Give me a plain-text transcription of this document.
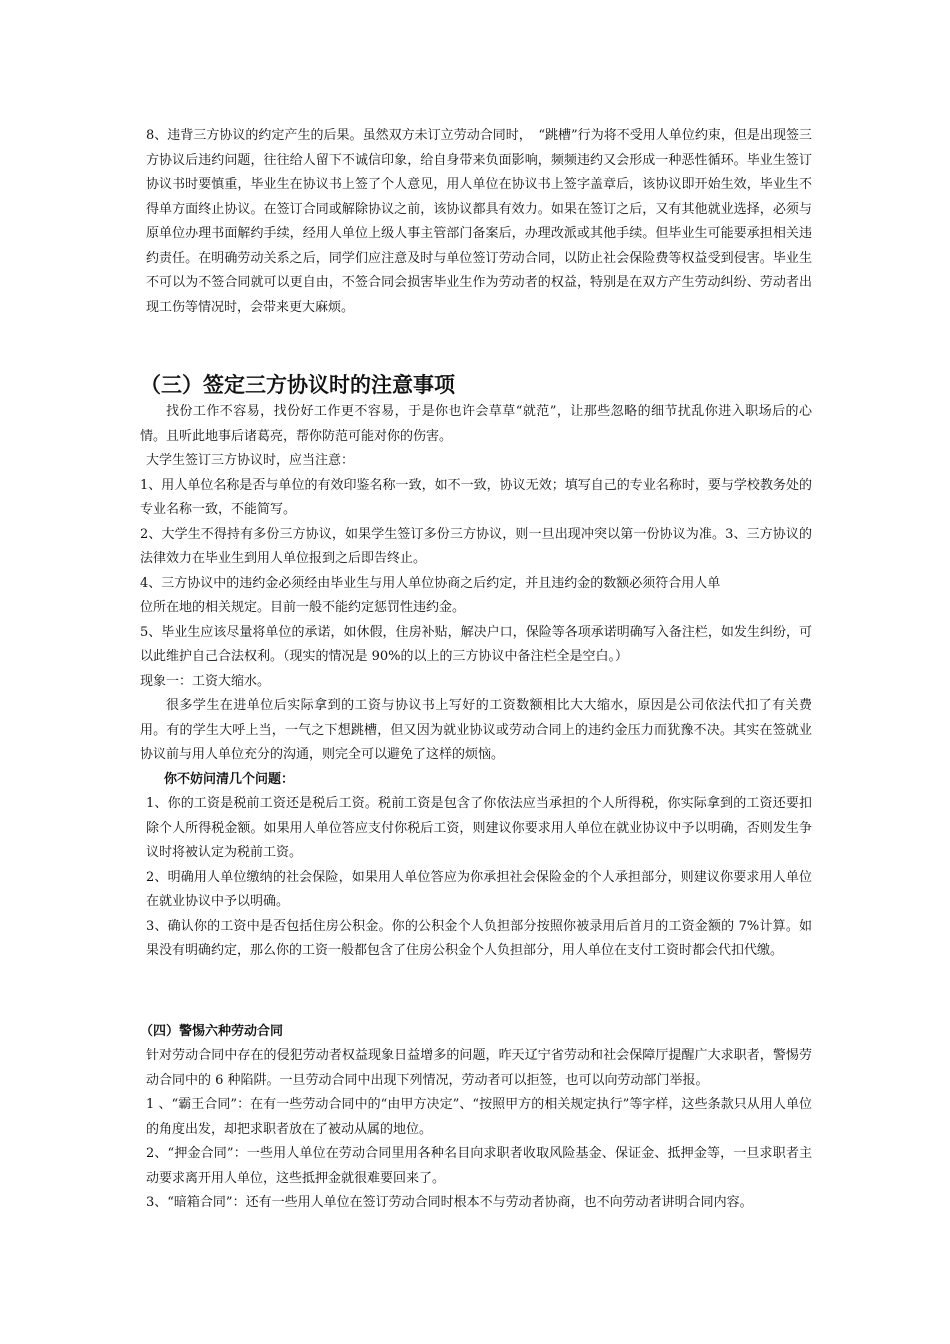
8、违背三方协议的约定产生的后果。虽然双方未订立劳动合同时，　“跳槽”行为将不受用人单位约束，但是出现签三方协议后违约问题，往往给人留下不诚信印象，给自身带来负面影响，频频违约又会形成一种恶性循环。毕业生签订协议书时要慎重，毕业生在协议书上签了个人意见，用人单位在协议书上签字盖章后，该协议即开始生效，毕业生不得单方面终止协议。在签订合同或解除协议之前，该协议都具有效力。如果在签订之后，又有其他就业选择，必须与原单位办理书面解约手续，经用人单位上级人事主管部门备案后，办理改派或其他手续。但毕业生可能要承担相关违约责任。在明确劳动关系之后，同学们应注意及时与单位签订劳动合同，以防止社会保险费等权益受到侵害。毕业生不可以为不签合同就可以更自由，不签合同会损害毕业生作为劳动者的权益，特别是在双方产生劳动纠纷、劳动者出现工伤等情况时，会带来更大麻烦。

（三）签定三方协议时的注意事项

找份工作不容易，找份好工作更不容易，于是你也许会草草“就范”，让那些忽略的细节扰乱你进入职场后的心情。且听此地事后诸葛亮，帮你防范可能对你的伤害。

大学生签订三方协议时，应当注意：

1、用人单位名称是否与单位的有效印鉴名称一致，如不一致，协议无效；填写自己的专业名称时，要与学校教务处的专业名称一致，不能简写。

2、大学生不得持有多份三方协议，如果学生签订多份三方协议，则一旦出现冲突以第一份协议为准。3、三方协议的法律效力在毕业生到用人单位报到之后即告终止。

4、三方协议中的违约金必须经由毕业生与用人单位协商之后约定，并且违约金的数额必须符合用人单

位所在地的相关规定。目前一般不能约定惩罚性违约金。

5、毕业生应该尽量将单位的承诺，如休假，住房补贴，解决户口，保险等各项承诺明确写入备注栏，如发生纠纷，可以此维护自己合法权利。（现实的情况是 90%的以上的三方协议中备注栏全是空白。）

现象一：工资大缩水。

很多学生在进单位后实际拿到的工资与协议书上写好的工资数额相比大大缩水，原因是公司依法代扣了有关费用。有的学生大呼上当，一气之下想跳槽，但又因为就业协议或劳动合同上的违约金压力而犹豫不决。其实在签就业协议前与用人单位充分的沟通，则完全可以避免了这样的烦恼。

你不妨问清几个问题：

1、你的工资是税前工资还是税后工资。税前工资是包含了你依法应当承担的个人所得税，你实际拿到的工资还要扣除个人所得税金额。如果用人单位答应支付你税后工资，则建议你要求用人单位在就业协议中予以明确，否则发生争议时将被认定为税前工资。

2、明确用人单位缴纳的社会保险，如果用人单位答应为你承担社会保险金的个人承担部分，则建议你要求用人单位在就业协议中予以明确。

3、确认你的工资中是否包括住房公积金。你的公积金个人负担部分按照你被录用后首月的工资金额的 7%计算。如果没有明确约定，那么你的工资一般都包含了住房公积金个人负担部分，用人单位在支付工资时都会代扣代缴。

（四）警惕六种劳动合同

针对劳动合同中存在的侵犯劳动者权益现象日益增多的问题，昨天辽宁省劳动和社会保障厅提醒广大求职者，警惕劳动合同中的 6 种陷阱。一旦劳动合同中出现下列情况，劳动者可以拒签，也可以向劳动部门举报。

1 、“霸王合同”：在有一些劳动合同中的“由甲方决定”、“按照甲方的相关规定执行”等字样，这些条款只从用人单位的角度出发，却把求职者放在了被动从属的地位。

2、“押金合同”：一些用人单位在劳动合同里用各种名目向求职者收取风险基金、保证金、抵押金等，一旦求职者主动要求离开用人单位，这些抵押金就很难要回来了。

3、“暗箱合同”：还有一些用人单位在签订劳动合同时根本不与劳动者协商，也不向劳动者讲明合同内容。
